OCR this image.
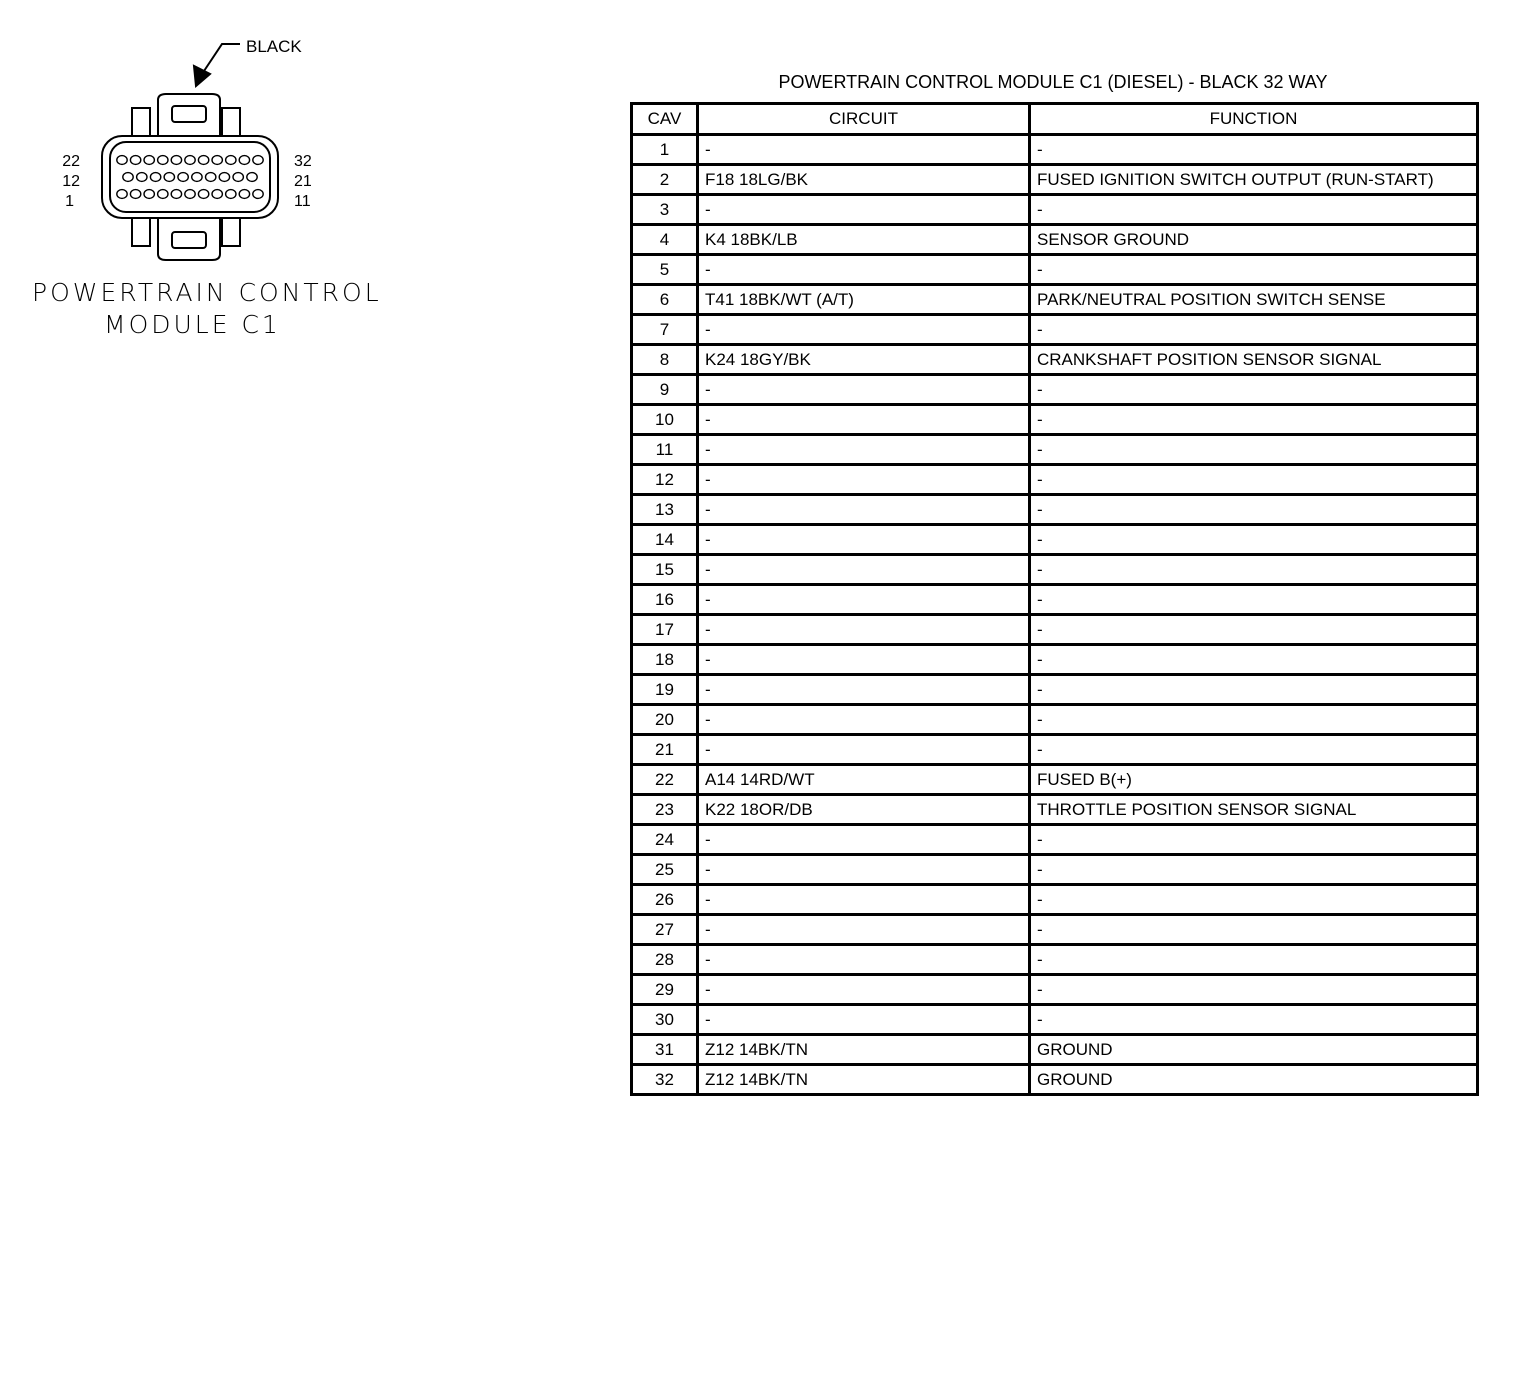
BLACK
22
12
1
32
21
11
POWERTRAIN CONTROL
MODULE C1
POWERTRAIN CONTROL MODULE C1 (DIESEL) - BLACK 32 WAY
CAV	CIRCUIT	FUNCTION
1	-	-
2	F18 18LG/BK	FUSED IGNITION SWITCH OUTPUT (RUN-START)
3	-	-
4	K4 18BK/LB	SENSOR GROUND
5	-	-
6	T41 18BK/WT (A/T)	PARK/NEUTRAL POSITION SWITCH SENSE
7	-	-
8	K24 18GY/BK	CRANKSHAFT POSITION SENSOR SIGNAL
9	-	-
10	-	-
11	-	-
12	-	-
13	-	-
14	-	-
15	-	-
16	-	-
17	-	-
18	-	-
19	-	-
20	-	-
21	-	-
22	A14 14RD/WT	FUSED B(+)
23	K22 18OR/DB	THROTTLE POSITION SENSOR SIGNAL
24	-	-
25	-	-
26	-	-
27	-	-
28	-	-
29	-	-
30	-	-
31	Z12 14BK/TN	GROUND
32	Z12 14BK/TN	GROUND
